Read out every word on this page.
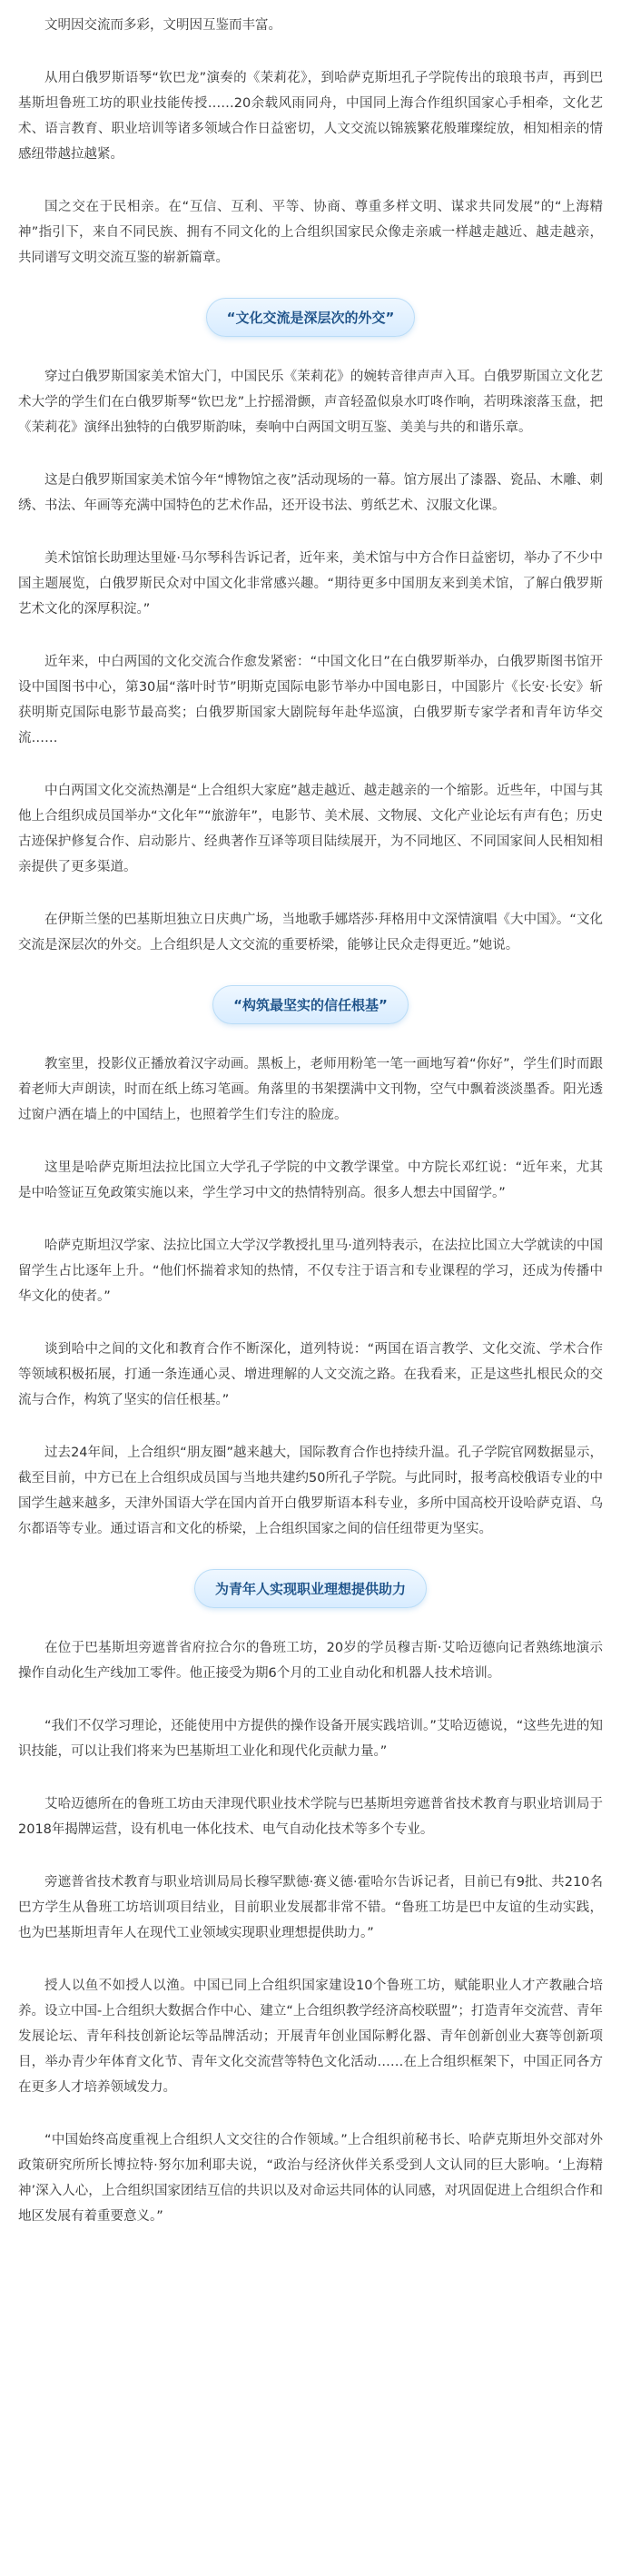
文明因交流而多彩，文明因互鉴而丰富。

从用白俄罗斯语琴“钦巴龙”演奏的《茉莉花》，到哈萨克斯坦孔子学院传出的琅琅书声，再到巴基斯坦鲁班工坊的职业技能传授……20余载风雨同舟，中国同上海合作组织国家心手相牵，文化艺术、语言教育、职业培训等诸多领域合作日益密切，人文交流以锦簇繁花般璀璨绽放，相知相亲的情感纽带越拉越紧。

国之交在于民相亲。在“互信、互利、平等、协商、尊重多样文明、谋求共同发展”的“上海精神”指引下，来自不同民族、拥有不同文化的上合组织国家民众像走亲戚一样越走越近、越走越亲，共同谱写文明交流互鉴的崭新篇章。

“文化交流是深层次的外交”

穿过白俄罗斯国家美术馆大门，中国民乐《茉莉花》的婉转音律声声入耳。白俄罗斯国立文化艺术大学的学生们在白俄罗斯琴“钦巴龙”上拧摇滑颤，声音轻盈似泉水叮咚作响，若明珠滚落玉盘，把《茉莉花》演绎出独特的白俄罗斯韵味，奏响中白两国文明互鉴、美美与共的和谐乐章。

这是白俄罗斯国家美术馆今年“博物馆之夜”活动现场的一幕。馆方展出了漆器、瓷品、木雕、刺绣、书法、年画等充满中国特色的艺术作品，还开设书法、剪纸艺术、汉服文化课。

美术馆馆长助理达里娅·马尔琴科告诉记者，近年来，美术馆与中方合作日益密切，举办了不少中国主题展览，白俄罗斯民众对中国文化非常感兴趣。“期待更多中国朋友来到美术馆，了解白俄罗斯艺术文化的深厚积淀。”

近年来，中白两国的文化交流合作愈发紧密：“中国文化日”在白俄罗斯举办，白俄罗斯图书馆开设中国图书中心，第30届“落叶时节”明斯克国际电影节举办中国电影日，中国影片《长安·长安》斩获明斯克国际电影节最高奖；白俄罗斯国家大剧院每年赴华巡演，白俄罗斯专家学者和青年访华交流……

中白两国文化交流热潮是“上合组织大家庭”越走越近、越走越亲的一个缩影。近些年，中国与其他上合组织成员国举办“文化年”“旅游年”，电影节、美术展、文物展、文化产业论坛有声有色；历史古迹保护修复合作、启动影片、经典著作互译等项目陆续展开，为不同地区、不同国家间人民相知相亲提供了更多渠道。

在伊斯兰堡的巴基斯坦独立日庆典广场，当地歌手娜塔莎·拜格用中文深情演唱《大中国》。“文化交流是深层次的外交。上合组织是人文交流的重要桥梁，能够让民众走得更近。”她说。

“构筑最坚实的信任根基”

教室里，投影仪正播放着汉字动画。黑板上，老师用粉笔一笔一画地写着“你好”，学生们时而跟着老师大声朗读，时而在纸上练习笔画。角落里的书架摆满中文刊物，空气中飘着淡淡墨香。阳光透过窗户洒在墙上的中国结上，也照着学生们专注的脸庞。

这里是哈萨克斯坦法拉比国立大学孔子学院的中文教学课堂。中方院长邓红说：“近年来，尤其是中哈签证互免政策实施以来，学生学习中文的热情特别高。很多人想去中国留学。”

哈萨克斯坦汉学家、法拉比国立大学汉学教授扎里马·道列特表示，在法拉比国立大学就读的中国留学生占比逐年上升。“他们怀揣着求知的热情，不仅专注于语言和专业课程的学习，还成为传播中华文化的使者。”

谈到哈中之间的文化和教育合作不断深化，道列特说：“两国在语言教学、文化交流、学术合作等领域积极拓展，打通一条连通心灵、增进理解的人文交流之路。在我看来，正是这些扎根民众的交流与合作，构筑了坚实的信任根基。”

过去24年间，上合组织“朋友圈”越来越大，国际教育合作也持续升温。孔子学院官网数据显示，截至目前，中方已在上合组织成员国与当地共建约50所孔子学院。与此同时，报考高校俄语专业的中国学生越来越多，天津外国语大学在国内首开白俄罗斯语本科专业，多所中国高校开设哈萨克语、乌尔都语等专业。通过语言和文化的桥梁，上合组织国家之间的信任纽带更为坚实。

为青年人实现职业理想提供助力

在位于巴基斯坦旁遮普省府拉合尔的鲁班工坊，20岁的学员穆吉斯·艾哈迈德向记者熟练地演示操作自动化生产线加工零件。他正接受为期6个月的工业自动化和机器人技术培训。

“我们不仅学习理论，还能使用中方提供的操作设备开展实践培训。”艾哈迈德说，“这些先进的知识技能，可以让我们将来为巴基斯坦工业化和现代化贡献力量。”

艾哈迈德所在的鲁班工坊由天津现代职业技术学院与巴基斯坦旁遮普省技术教育与职业培训局于2018年揭牌运营，设有机电一体化技术、电气自动化技术等多个专业。

旁遮普省技术教育与职业培训局局长穆罕默德·赛义德·霍哈尔告诉记者，目前已有9批、共210名巴方学生从鲁班工坊培训项目结业，目前职业发展都非常不错。“鲁班工坊是巴中友谊的生动实践，也为巴基斯坦青年人在现代工业领域实现职业理想提供助力。”

授人以鱼不如授人以渔。中国已同上合组织国家建设10个鲁班工坊，赋能职业人才产教融合培养。设立中国-上合组织大数据合作中心、建立“上合组织教学经济高校联盟”；打造青年交流营、青年发展论坛、青年科技创新论坛等品牌活动；开展青年创业国际孵化器、青年创新创业大赛等创新项目，举办青少年体育文化节、青年文化交流营等特色文化活动……在上合组织框架下，中国正同各方在更多人才培养领域发力。

“中国始终高度重视上合组织人文交往的合作领域。”上合组织前秘书长、哈萨克斯坦外交部对外政策研究所所长博拉特·努尔加利耶夫说，“政治与经济伙伴关系受到人文认同的巨大影响。‘上海精神’深入人心，上合组织国家团结互信的共识以及对命运共同体的认同感，对巩固促进上合组织合作和地区发展有着重要意义。”
